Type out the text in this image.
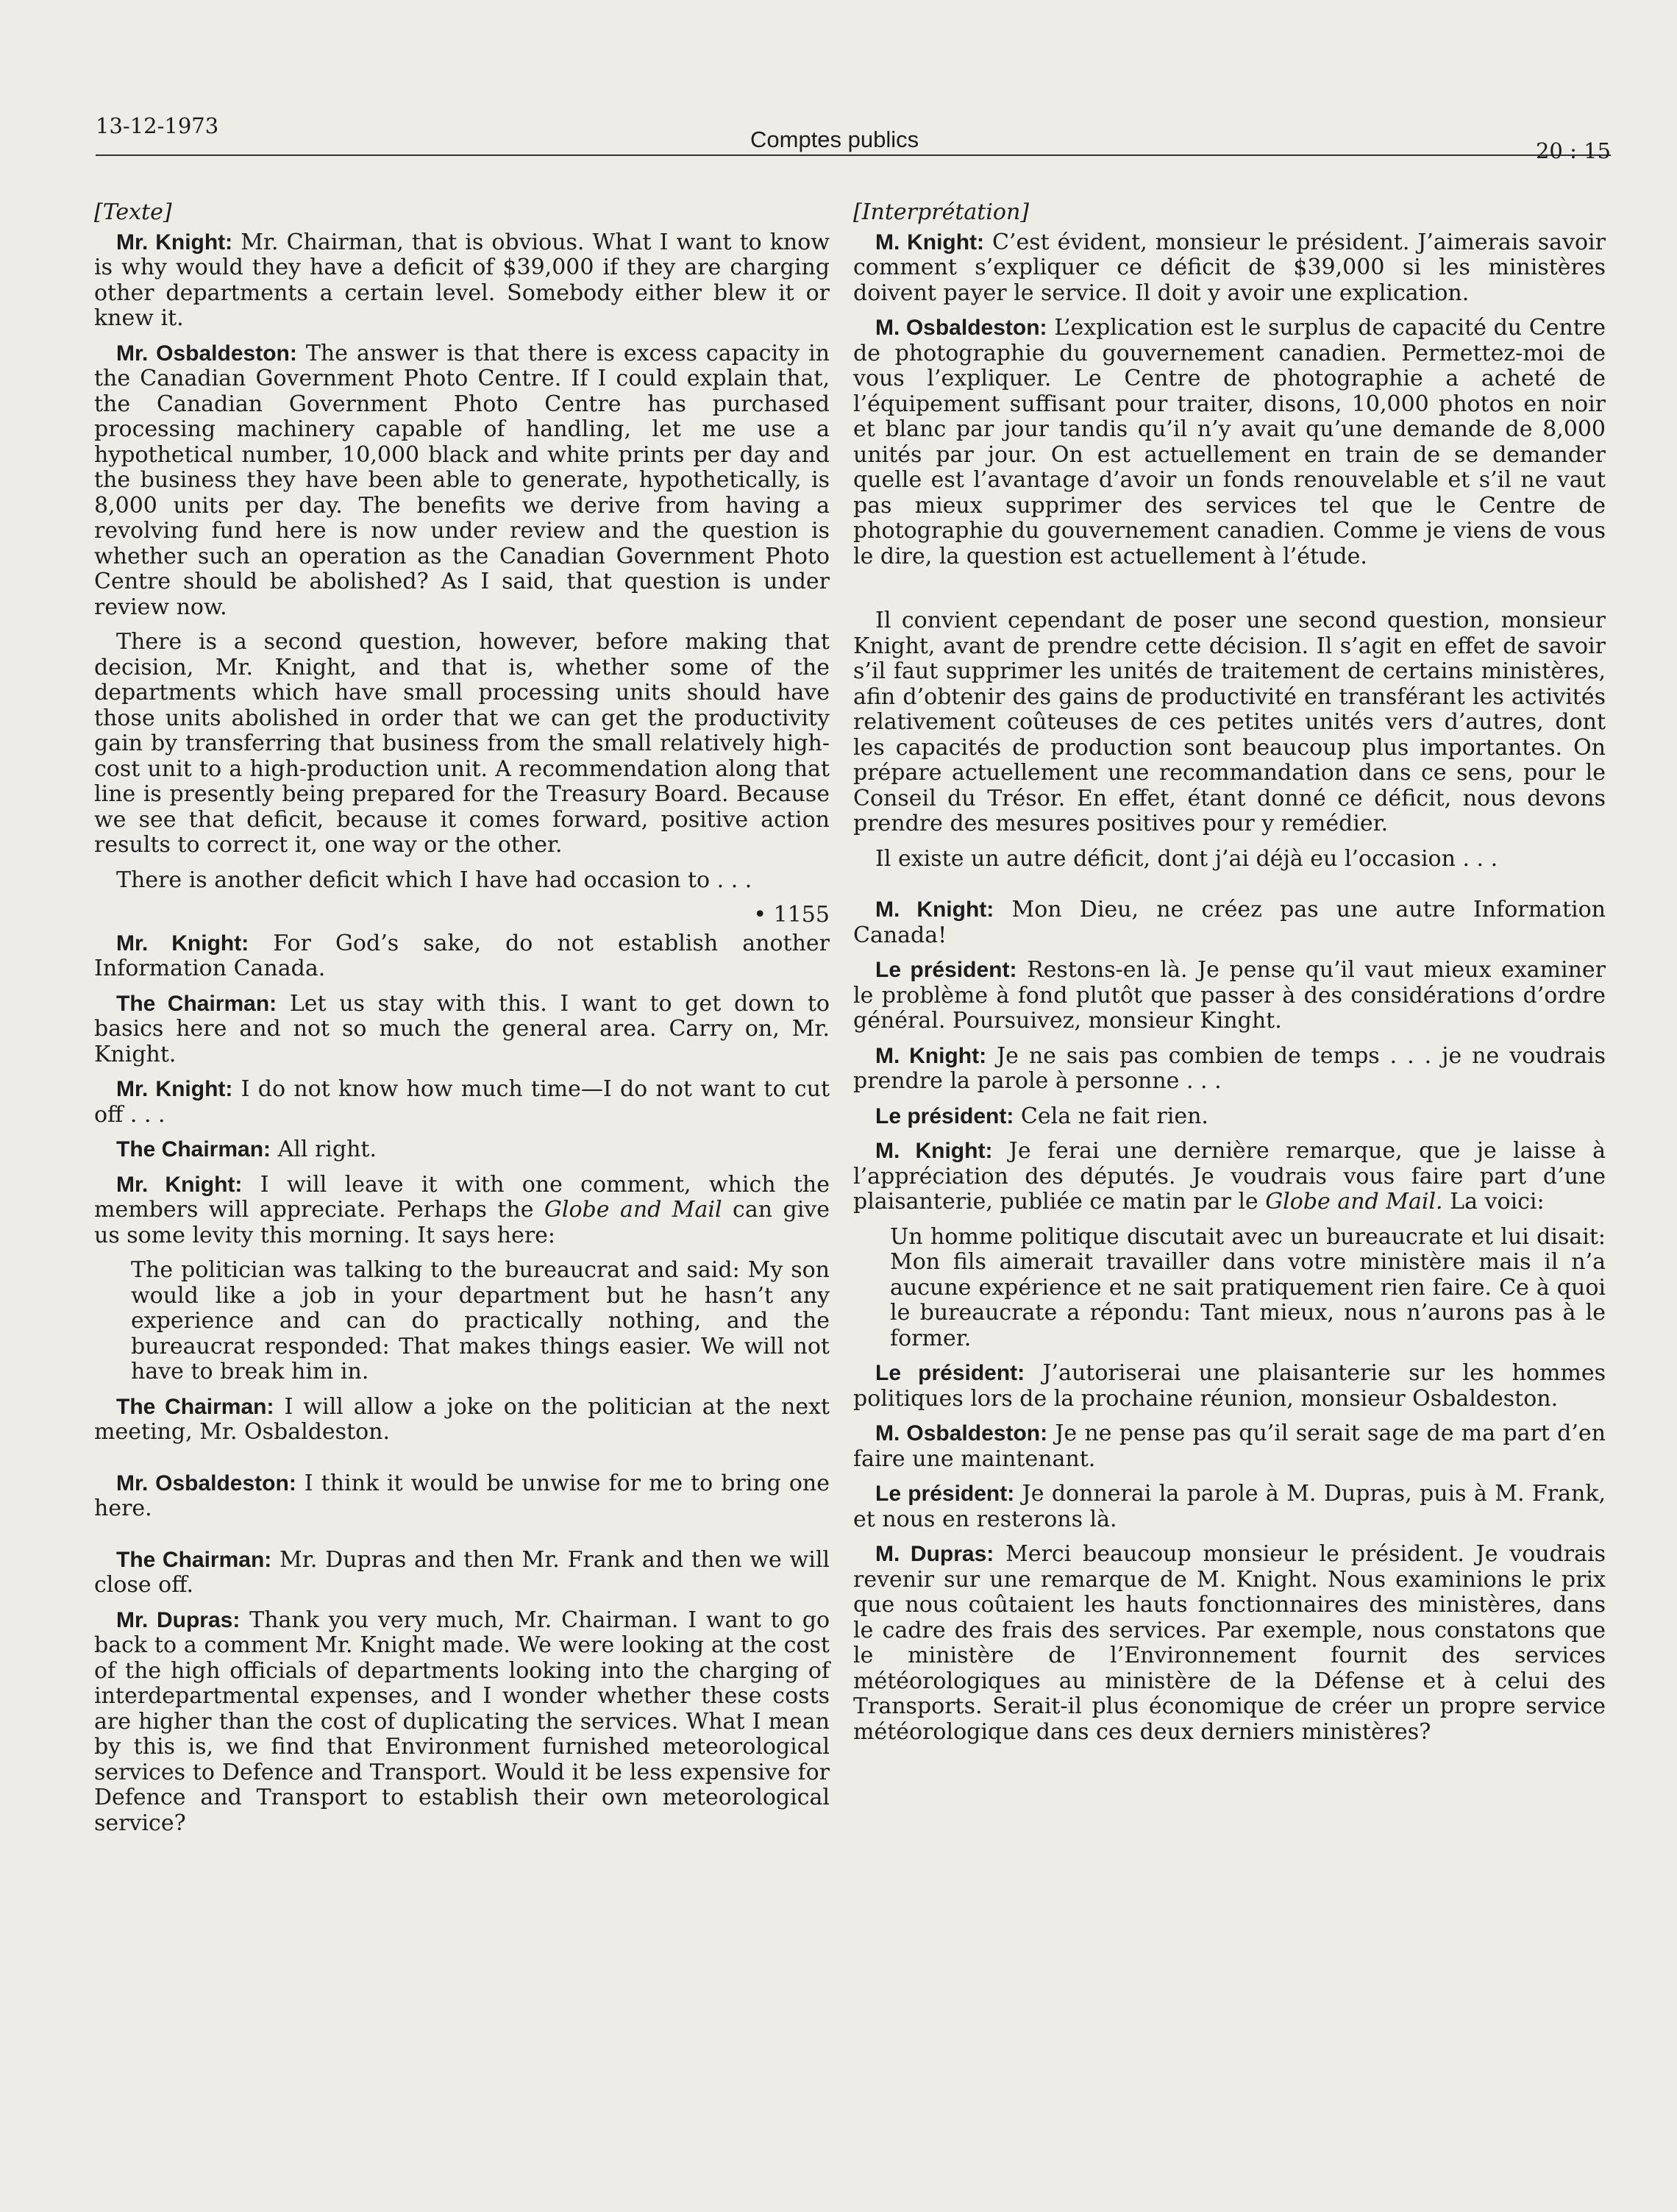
13-12-1973
Comptes publics	20 : 15

[Texte]

Mr. Knight: Mr. Chairman, that is obvious. What I want to know is why would they have a deficit of $39,000 if they are charging other departments a certain level. Somebody either blew it or knew it.

Mr. Osbaldeston: The answer is that there is excess capacity in the Canadian Government Photo Centre. If I could explain that, the Canadian Government Photo Centre has purchased processing machinery capable of handling, let me use a hypothetical number, 10,000 black and white prints per day and the business they have been able to generate, hypothetically, is 8,000 units per day. The benefits we derive from having a revolving fund here is now under review and the question is whether such an operation as the Canadian Government Photo Centre should be abolished? As I said, that question is under review now.

There is a second question, however, before making that decision, Mr. Knight, and that is, whether some of the departments which have small processing units should have those units abolished in order that we can get the productivity gain by transferring that business from the small relatively high-cost unit to a high-production unit. A recommendation along that line is presently being prepared for the Treasury Board. Because we see that deficit, because it comes forward, positive action results to correct it, one way or the other.

There is another deficit which I have had occasion to . . .

• 1155

Mr. Knight: For God’s sake, do not establish another Information Canada.

The Chairman: Let us stay with this. I want to get down to basics here and not so much the general area. Carry on, Mr. Knight.

Mr. Knight: I do not know how much time—I do not want to cut off . . .

The Chairman: All right.

Mr. Knight: I will leave it with one comment, which the members will appreciate. Perhaps the Globe and Mail can give us some levity this morning. It says here:

The politician was talking to the bureaucrat and said: My son would like a job in your department but he hasn’t any experience and can do practically nothing, and the bureaucrat responded: That makes things easier. We will not have to break him in.

The Chairman: I will allow a joke on the politician at the next meeting, Mr. Osbaldeston.

Mr. Osbaldeston: I think it would be unwise for me to bring one here.

The Chairman: Mr. Dupras and then Mr. Frank and then we will close off.

Mr. Dupras: Thank you very much, Mr. Chairman. I want to go back to a comment Mr. Knight made. We were looking at the cost of the high officials of departments looking into the charging of interdepartmental expenses, and I wonder whether these costs are higher than the cost of duplicating the services. What I mean by this is, we find that Environment furnished meteorological services to Defence and Transport. Would it be less expensive for Defence and Transport to establish their own meteorological service?

[Interprétation]

M. Knight: C’est évident, monsieur le président. J’aimerais savoir comment s’expliquer ce déficit de $39,000 si les ministères doivent payer le service. Il doit y avoir une explication.

M. Osbaldeston: L’explication est le surplus de capacité du Centre de photographie du gouvernement canadien. Permettez-moi de vous l’expliquer. Le Centre de photographie a acheté de l’équipement suffisant pour traiter, disons, 10,000 photos en noir et blanc par jour tandis qu’il n’y avait qu’une demande de 8,000 unités par jour. On est actuellement en train de se demander quelle est l’avantage d’avoir un fonds renouvelable et s’il ne vaut pas mieux supprimer des services tel que le Centre de photographie du gouvernement canadien. Comme je viens de vous le dire, la question est actuellement à l’étude.

Il convient cependant de poser une second question, monsieur Knight, avant de prendre cette décision. Il s’agit en effet de savoir s’il faut supprimer les unités de traitement de certains ministères, afin d’obtenir des gains de productivité en transférant les activités relativement coûteuses de ces petites unités vers d’autres, dont les capacités de production sont beaucoup plus importantes. On prépare actuellement une recommandation dans ce sens, pour le Conseil du Trésor. En effet, étant donné ce déficit, nous devons prendre des mesures positives pour y remédier.

Il existe un autre déficit, dont j’ai déjà eu l’occasion . . .

M. Knight: Mon Dieu, ne créez pas une autre Information Canada!

Le président: Restons-en là. Je pense qu’il vaut mieux examiner le problème à fond plutôt que passer à des considérations d’ordre général. Poursuivez, monsieur Kinght.

M. Knight: Je ne sais pas combien de temps . . . je ne voudrais prendre la parole à personne . . .

Le président: Cela ne fait rien.

M. Knight: Je ferai une dernière remarque, que je laisse à l’appréciation des députés. Je voudrais vous faire part d’une plaisanterie, publiée ce matin par le Globe and Mail. La voici:

Un homme politique discutait avec un bureaucrate et lui disait: Mon fils aimerait travailler dans votre ministère mais il n’a aucune expérience et ne sait pratiquement rien faire. Ce à quoi le bureaucrate a répondu: Tant mieux, nous n’aurons pas à le former.

Le président: J’autoriserai une plaisanterie sur les hommes politiques lors de la prochaine réunion, monsieur Osbaldeston.

M. Osbaldeston: Je ne pense pas qu’il serait sage de ma part d’en faire une maintenant.

Le président: Je donnerai la parole à M. Dupras, puis à M. Frank, et nous en resterons là.

M. Dupras: Merci beaucoup monsieur le président. Je voudrais revenir sur une remarque de M. Knight. Nous examinions le prix que nous coûtaient les hauts fonctionnaires des ministères, dans le cadre des frais des services. Par exemple, nous constatons que le ministère de l’Environnement fournit des services météorologiques au ministère de la Défense et à celui des Transports. Serait-il plus économique de créer un propre service météorologique dans ces deux derniers ministères?
